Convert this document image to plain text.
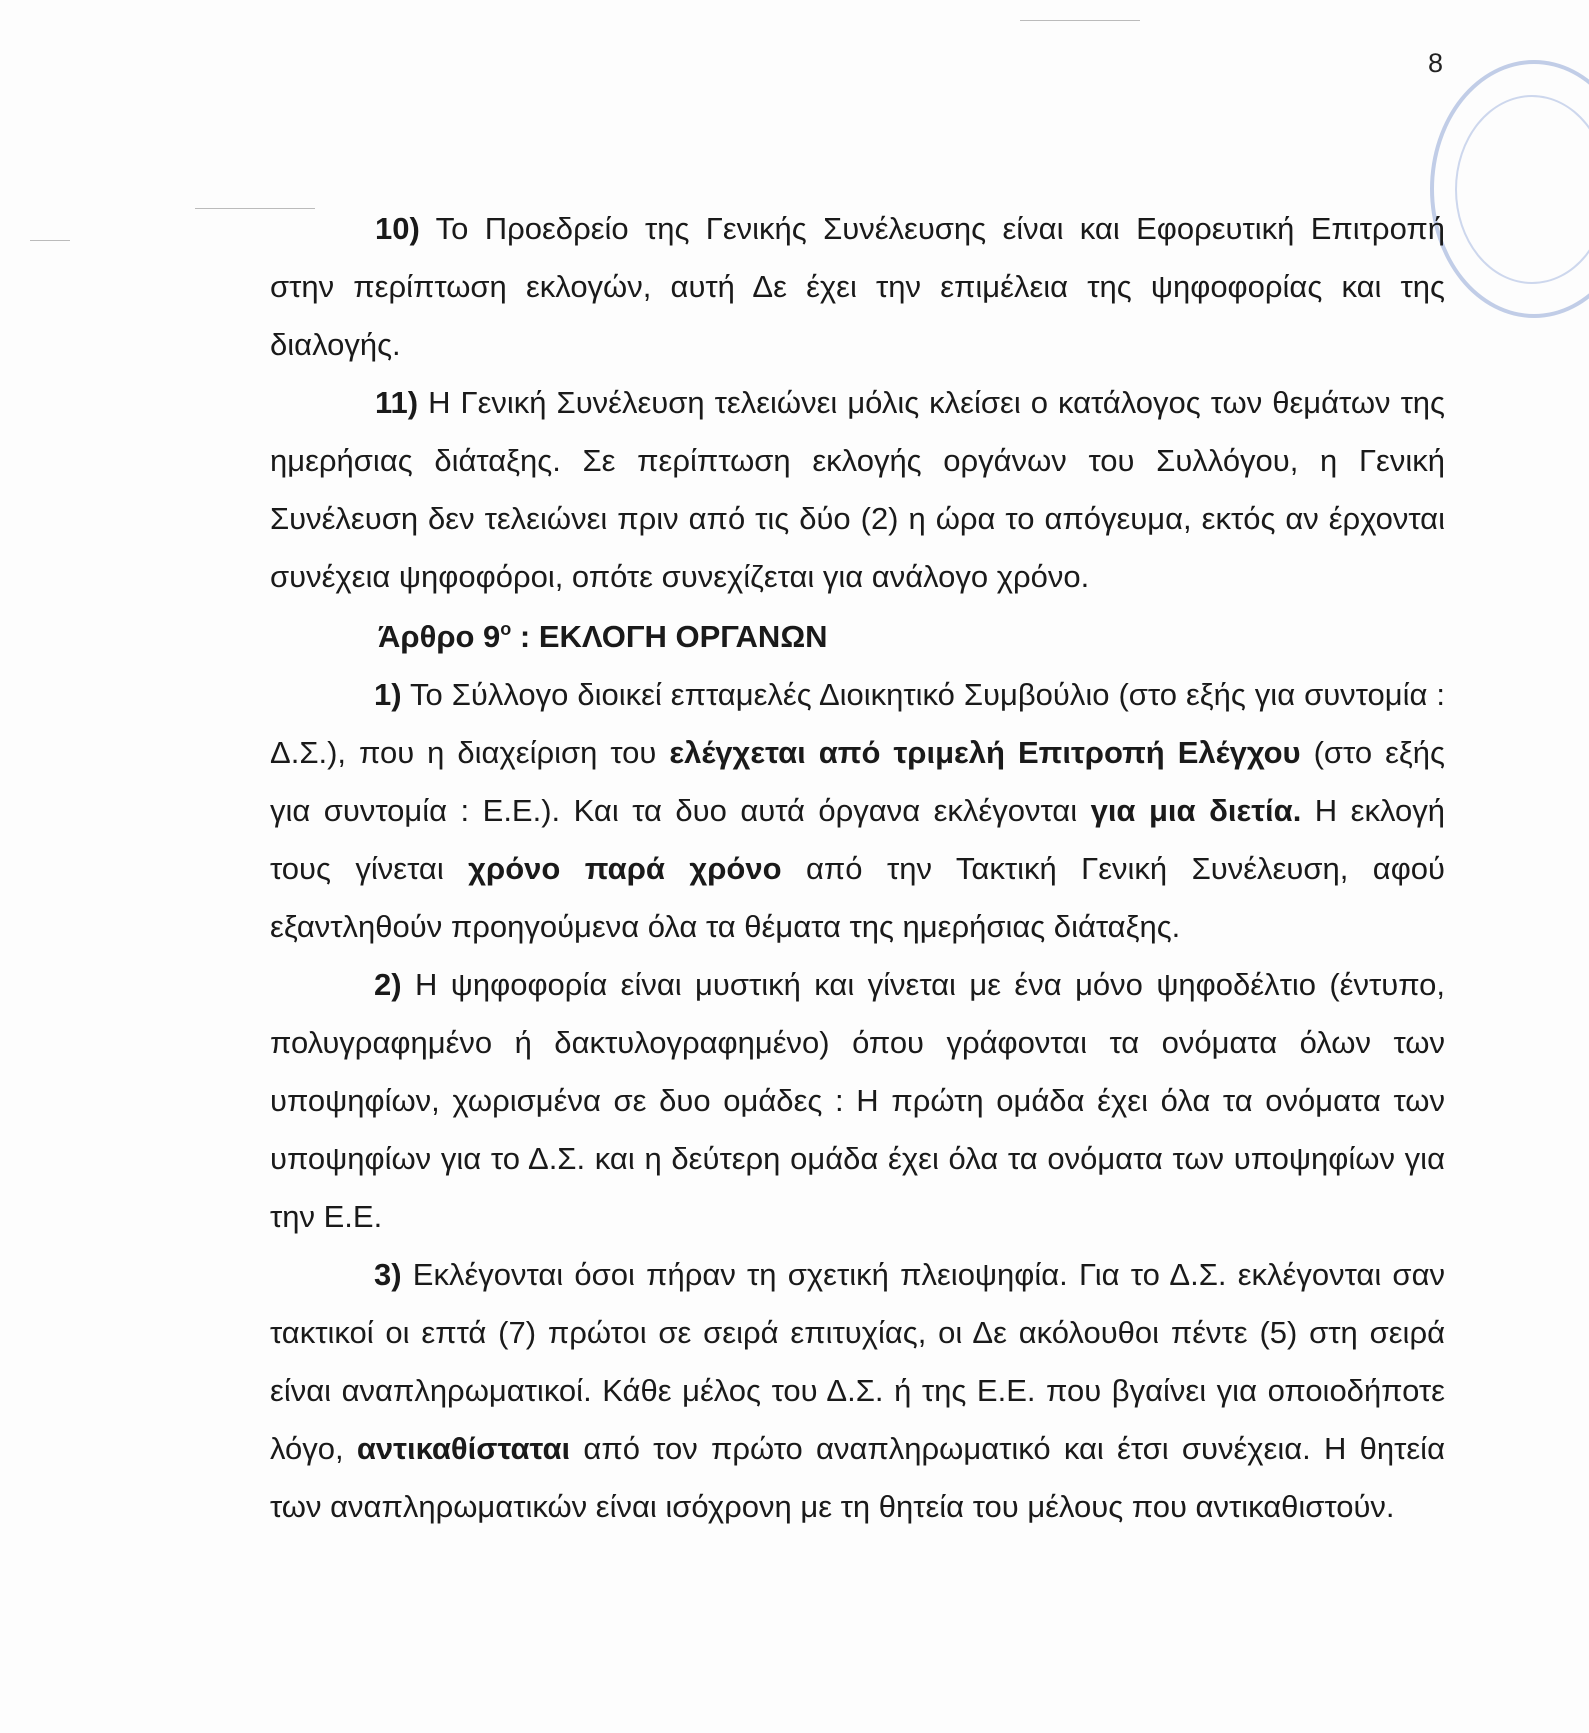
8

10) Το Προεδρείο της Γενικής Συνέλευσης είναι και Εφορευτική Επιτροπή στην περίπτωση εκλογών, αυτή Δε έχει την επιμέλεια της ψηφοφορίας και της διαλογής.

11) Η Γενική Συνέλευση τελειώνει μόλις κλείσει ο κατάλογος των θεμάτων της ημερήσιας διάταξης. Σε περίπτωση εκλογής οργάνων του Συλλόγου, η Γενική Συνέλευση δεν τελειώνει πριν από τις δύο (2) η ώρα το απόγευμα, εκτός αν έρχονται συνέχεια ψηφοφόροι, οπότε συνεχίζεται για ανάλογο χρόνο.

Άρθρο $9^o$ : ΕΚΛΟΓΗ ΟΡΓΑΝΩΝ

1) Το Σύλλογο διοικεί επταμελές Διοικητικό Συμβούλιο (στο εξής για συντομία : Δ.Σ.), που η διαχείριση του ελέγχεται από τριμελή Επιτροπή Ελέγχου (στο εξής για συντομία : Ε.Ε.). Και τα δυο αυτά όργανα εκλέγονται για μια διετία. Η εκλογή τους γίνεται χρόνο παρά χρόνο από την Τακτική Γενική Συνέλευση, αφού εξαντληθούν προηγούμενα όλα τα θέματα της ημερήσιας διάταξης.

2) Η ψηφοφορία είναι μυστική και γίνεται με ένα μόνο ψηφοδέλτιο (έντυπο, πολυγραφημένο ή δακτυλογραφημένο) όπου γράφονται τα ονόματα όλων των υποψηφίων, χωρισμένα σε δυο ομάδες : Η πρώτη ομάδα έχει όλα τα ονόματα των υποψηφίων για το Δ.Σ. και η δεύτερη ομάδα έχει όλα τα ονόματα των υποψηφίων για την Ε.Ε.

3) Εκλέγονται όσοι πήραν τη σχετική πλειοψηφία. Για το Δ.Σ. εκλέγονται σαν τακτικοί οι επτά (7) πρώτοι σε σειρά επιτυχίας, οι Δε ακόλουθοι πέντε (5) στη σειρά είναι αναπληρωματικοί. Κάθε μέλος του Δ.Σ. ή της Ε.Ε. που βγαίνει για οποιοδήποτε λόγο, αντικαθίσταται από τον πρώτο αναπληρωματικό και έτσι συνέχεια. Η θητεία των αναπληρωματικών είναι ισόχρονη με τη θητεία του μέλους που αντικαθιστούν.
